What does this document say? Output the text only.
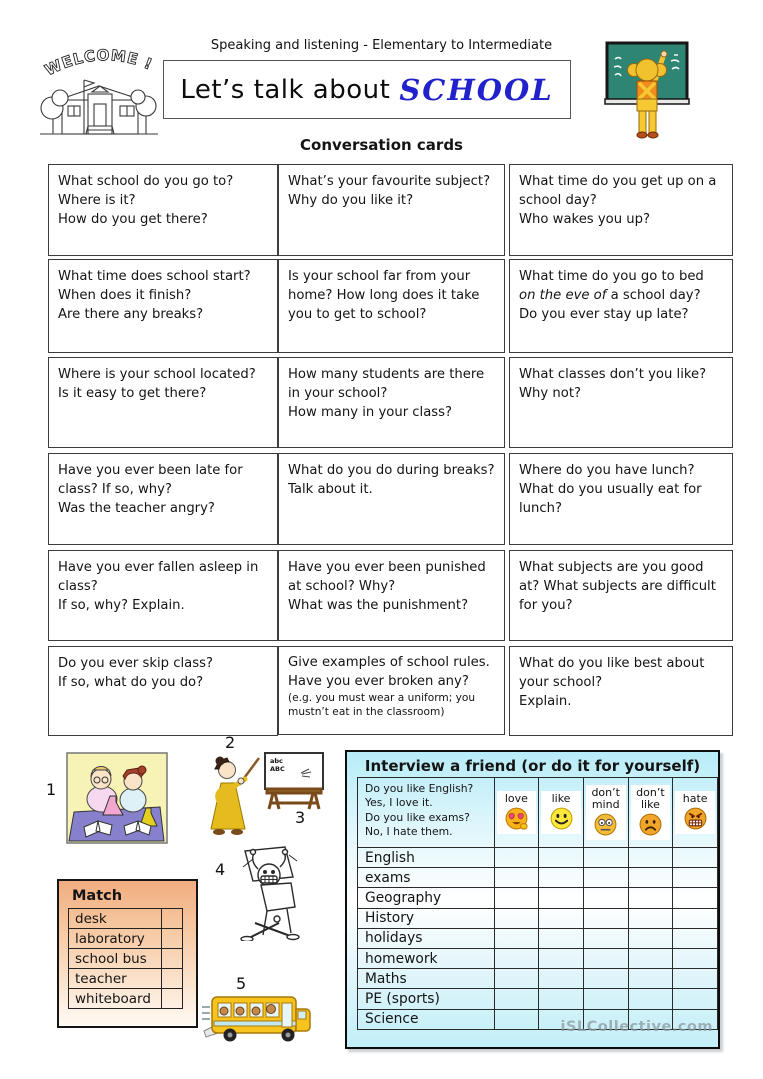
Speaking and listening - Elementary to Intermediate
WELCOME !
Let’s talk about SCHOOL
Conversation cards
What school do you go to?
Where is it?
How do you get there?
What’s your favourite subject?
Why do you like it?
What time do you get up on a school day?
Who wakes you up?
What time does school start? When does it finish?
Are there any breaks?
Is your school far from your home? How long does it take you to get to school?
What time do you go to bed
on the eve of a school day?
Do you ever stay up late?
Where is your school located?
Is it easy to get there?
How many students are there in your school?
How many in your class?
What classes don’t you like?
Why not?
Have you ever been late for class? If so, why?
Was the teacher angry?
What do you do during breaks?
Talk about it.
Where do you have lunch?
What do you usually eat for lunch?
Have you ever fallen asleep in class?
If so, why? Explain.
Have you ever been punished at school? Why?
What was the punishment?
What subjects are you good at? What subjects are difficult for you?
Do you ever skip class?
If so, what do you do?
Give examples of school rules.
Have you ever broken any?
(e.g. you must wear a uniform; you mustn’t eat in the classroom)
What do you like best about your school?
Explain.
1
2
abc
ABC
3
4
5
Match
desk	
laboratory	
school bus	
teacher	
whiteboard	
Interview a friend (or do it for yourself)
Do you like English?
Yes, I love it.
Do you like exams?
No, I hate them.	love	like	don’t mind	don’t like	hate

English					
exams					
Geography					
History					
holidays					
homework					
Maths					
PE (sports)					
Science						iSLCollective.com
